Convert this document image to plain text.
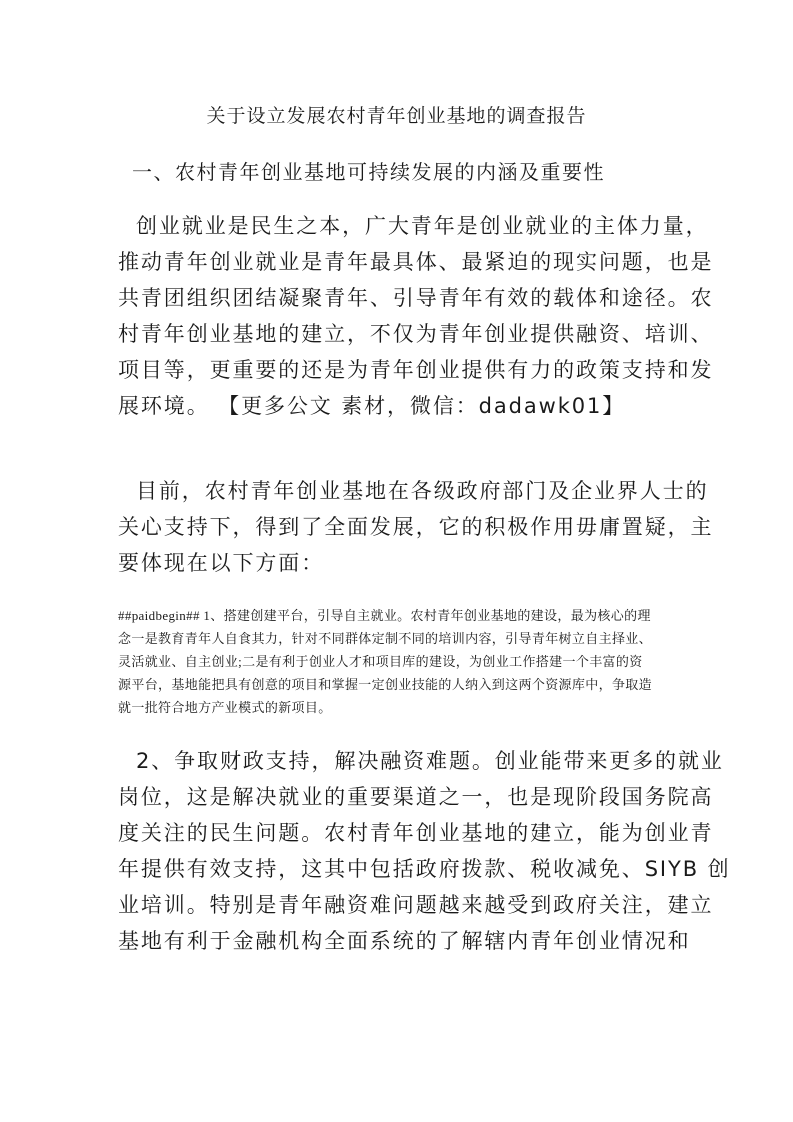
关于设立发展农村青年创业基地的调查报告
一、农村青年创业基地可持续发展的内涵及重要性

创业就业是民生之本，广大青年是创业就业的主体力量，

推动青年创业就业是青年最具体、最紧迫的现实问题，也是

共青团组织团结凝聚青年、引导青年有效的载体和途径。农

村青年创业基地的建立，不仅为青年创业提供融资、培训、

项目等，更重要的还是为青年创业提供有力的政策支持和发

展环境。 【更多公文 素材，微信：dadawk01】

目前，农村青年创业基地在各级政府部门及企业界人士的

关心支持下，得到了全面发展，它的积极作用毋庸置疑，主

要体现在以下方面：

##paidbegin## 1、搭建创建平台，引导自主就业。农村青年创业基地的建设，最为核心的理

念一是教育青年人自食其力，针对不同群体定制不同的培训内容，引导青年树立自主择业、

灵活就业、自主创业;二是有利于创业人才和项目库的建设，为创业工作搭建一个丰富的资

源平台，基地能把具有创意的项目和掌握一定创业技能的人纳入到这两个资源库中，争取造

就一批符合地方产业模式的新项目。

2、争取财政支持，解决融资难题。创业能带来更多的就业

岗位，这是解决就业的重要渠道之一，也是现阶段国务院高

度关注的民生问题。农村青年创业基地的建立，能为创业青

年提供有效支持，这其中包括政府拨款、税收减免、SIYB 创

业培训。特别是青年融资难问题越来越受到政府关注，建立

基地有利于金融机构全面系统的了解辖内青年创业情况和
